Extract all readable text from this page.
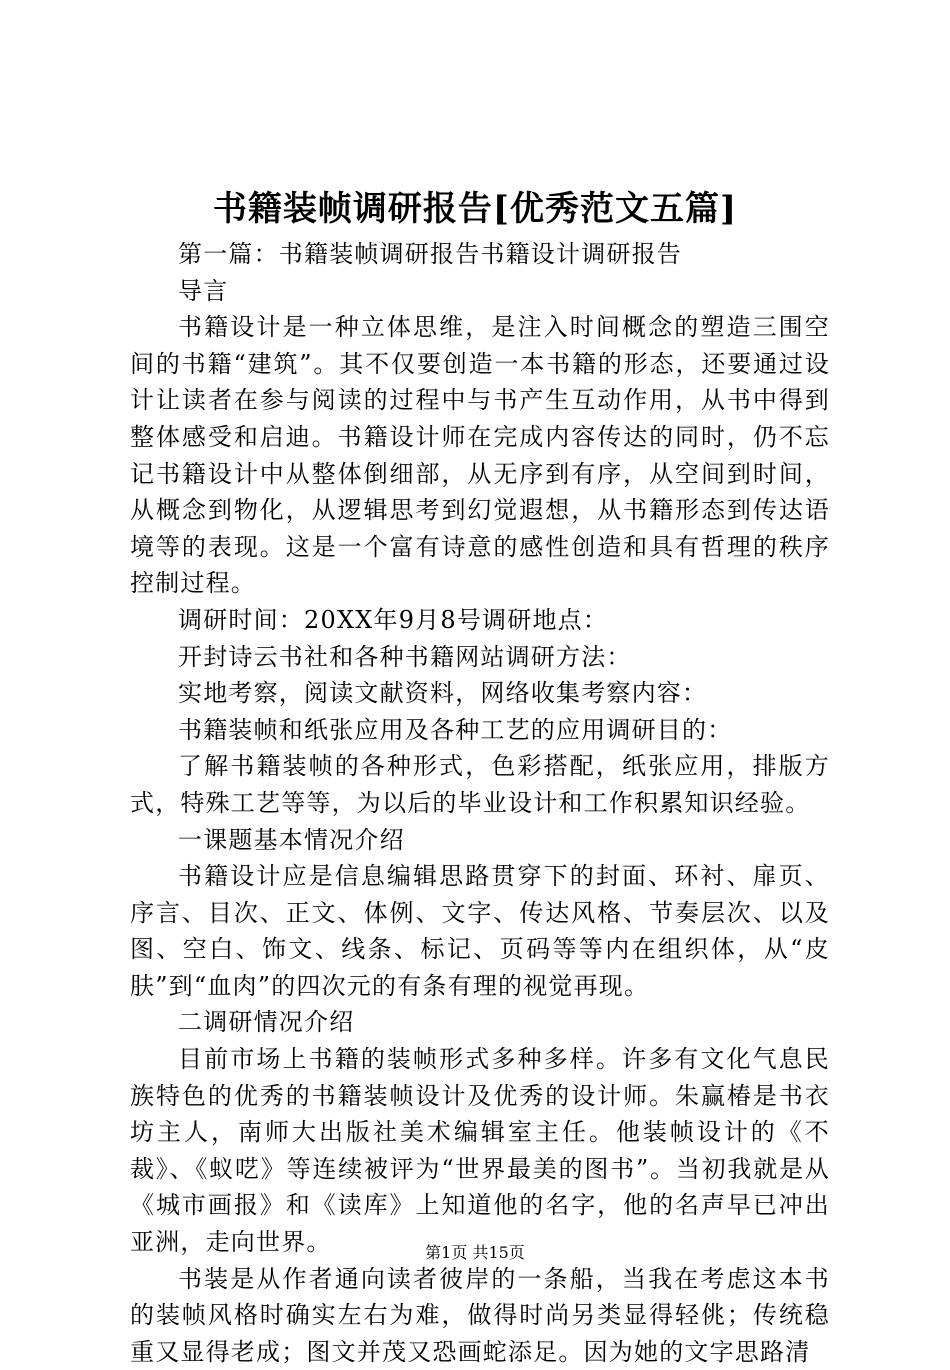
书籍装帧调研报告[优秀范文五篇]

第一篇：书籍装帧调研报告书籍设计调研报告

导言

书籍设计是一种立体思维，是注入时间概念的塑造三围空间的书籍“建筑”。其不仅要创造一本书籍的形态，还要通过设计让读者在参与阅读的过程中与书产生互动作用，从书中得到整体感受和启迪。书籍设计师在完成内容传达的同时，仍不忘记书籍设计中从整体倒细部，从无序到有序，从空间到时间，从概念到物化，从逻辑思考到幻觉遐想，从书籍形态到传达语境等的表现。这是一个富有诗意的感性创造和具有哲理的秩序控制过程。

调研时间：20XX年9月8号调研地点：

开封诗云书社和各种书籍网站调研方法：

实地考察，阅读文献资料，网络收集考察内容：

书籍装帧和纸张应用及各种工艺的应用调研目的：

了解书籍装帧的各种形式，色彩搭配，纸张应用，排版方式，特殊工艺等等，为以后的毕业设计和工作积累知识经验。

一课题基本情况介绍

书籍设计应是信息编辑思路贯穿下的封面、环衬、扉页、序言、目次、正文、体例、文字、传达风格、节奏层次、以及图、空白、饰文、线条、标记、页码等等内在组织体，从“皮肤”到“血肉”的四次元的有条有理的视觉再现。

二调研情况介绍

目前市场上书籍的装帧形式多种多样。许多有文化气息民族特色的优秀的书籍装帧设计及优秀的设计师。朱赢椿是书衣坊主人，南师大出版社美术编辑室主任。他装帧设计的《不裁》、《蚁呓》等连续被评为“世界最美的图书”。当初我就是从《城市画报》和《读库》上知道他的名字，他的名声早已冲出亚洲，走向世界。

书装是从作者通向读者彼岸的一条船，当我在考虑这本书的装帧风格时确实左右为难，做得时尚另类显得轻佻；传统稳重又显得老成；图文并茂又恐画蛇添足。因为她的文字思路清

第1页 共15页
